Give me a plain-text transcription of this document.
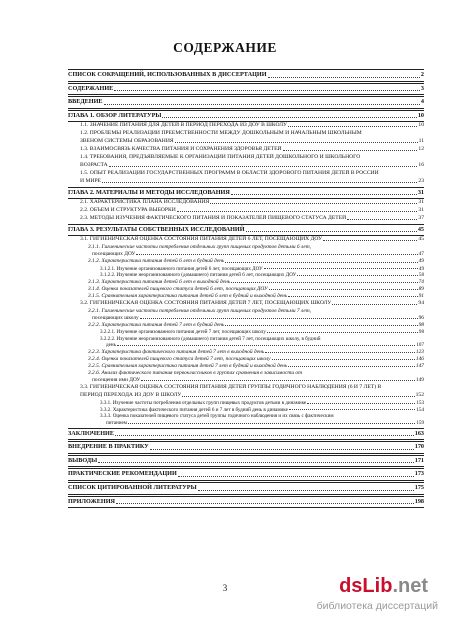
СОДЕРЖАНИЕ
СПИСОК СОКРАЩЕНИЙ, ИСПОЛЬЗОВАННЫХ В ДИССЕРТАЦИИ	2
СОДЕРЖАНИЕ	3
ВВЕДЕНИЕ	4
ГЛАВА 1. ОБЗОР ЛИТЕРАТУРЫ	10
1.1. ЗНАЧЕНИЕ ПИТАНИЯ ДЛЯ ДЕТЕЙ В ПЕРИОД ПЕРЕХОДА ИЗ ДОУ В ШКОЛУ	10
1.2. ПРОБЛЕМЫ РЕАЛИЗАЦИИ ПРЕЕМСТВЕННОСТИ МЕЖДУ ДОШКОЛЬНЫМ И НАЧАЛЬНЫМ ШКОЛЬНЫМ
ЗВЕНОМ СИСТЕМЫ ОБРАЗОВАНИЯ	11
1.3. ВЗАИМОСВЯЗЬ КАЧЕСТВА ПИТАНИЯ И СОХРАНЕНИЯ ЗДОРОВЬЯ ДЕТЕЙ	12
1.4. ТРЕБОВАНИЯ, ПРЕДЪЯВЛЯЕМЫЕ К ОРГАНИЗАЦИИ ПИТАНИЯ ДЕТЕЙ ДОШКОЛЬНОГО И ШКОЛЬНОГО
ВОЗРАСТА	16
1.5. ОПЫТ РЕАЛИЗАЦИИ ГОСУДАРСТВЕННЫХ ПРОГРАММ В ОБЛАСТИ ЗДОРОВОГО ПИТАНИЯ ДЕТЕЙ В РОССИИ
И МИРЕ	23
ГЛАВА 2. МАТЕРИАЛЫ И МЕТОДЫ ИССЛЕДОВАНИЯ	31
2.1. ХАРАКТЕРИСТИКА ПЛАНА ИССЛЕДОВАНИЯ	31
2.2. ОБЪЕМ И СТРУКТУРА ВЫБОРКИ	31
2.3. МЕТОДЫ ИЗУЧЕНИЯ ФАКТИЧЕСКОГО ПИТАНИЯ И ПОКАЗАТЕЛЕЙ ПИЩЕВОГО СТАТУСА ДЕТЕЙ	37
ГЛАВА 3. РЕЗУЛЬТАТЫ СОБСТВЕННЫХ ИССЛЕДОВАНИЙ	45
3.1. ГИГИЕНИЧЕСКАЯ ОЦЕНКА СОСТОЯНИЯ ПИТАНИЯ ДЕТЕЙ 6 ЛЕТ, ПОСЕЩАЮЩИХ ДОУ	45
3.1.1. Гигиенические частоты потребления отдельных групп пищевых продуктов детьми 6 лет,
посещающих ДОУ	47
3.1.2. Характеристика питания детей 6 лет в будний день	49
3.1.2.1. Изучение организованного питания детей 6 лет, посещающих ДОУ	49
3.1.2.2. Изучение неорганизованного (домашнего) питания детей 6 лет, посещающих ДОУ	58
3.1.3. Характеристика питания детей 6 лет в выходной день	74
3.1.4. Оценка показателей пищевого статуса детей 6 лет, посещающих ДОУ	89
3.1.5. Сравнительная характеристика питания детей 6 лет в будний и выходной день	91
3.2. ГИГИЕНИЧЕСКАЯ ОЦЕНКА СОСТОЯНИЯ ПИТАНИЯ ДЕТЕЙ 7 ЛЕТ, ПОСЕЩАЮЩИХ ШКОЛУ	94
3.2.1. Гигиенические частоты потребления отдельных групп пищевых продуктов детьми 7 лет,
посещающих школу	96
3.2.2. Характеристика питания детей 7 лет в будний день	98
3.2.2.1. Изучение организованного питания детей 7 лет, посещающих школу	98
3.2.2.2. Изучение неорганизованного (домашнего) питания детей 7 лет, посещающих школу, в будний
день	107
3.2.3. Характеристика фактического питания детей 7 лет в выходной день	123
3.2.4. Оценка показателей пищевого статуса детей 7 лет, посещающих школу	146
3.2.5. Сравнительная характеристика питания детей 7 лет в будний и выходной день	147
3.2.6. Анализ фактического питания первоклассников в группах сравнения в зависимости от
посещения ими ДОУ	149
3.3. ГИГИЕНИЧЕСКАЯ ОЦЕНКА СОСТОЯНИЯ ПИТАНИЯ ДЕТЕЙ ГРУППЫ ГОДИЧНОГО НАБЛЮДЕНИЯ (6 И 7 ЛЕТ) В
ПЕРИОД ПЕРЕХОДА ИЗ ДОУ В ШКОЛУ	152
3.3.1. Изучение частоты потребления отдельных групп пищевых продуктов детьми в динамике	153
3.3.2. Характеристика фактического питания детей 6 и 7 лет в будний день в динамике	154
3.3.3. Оценка показателей пищевого статуса детей группы годичного наблюдения и их связь с фактическим
питанием	159
ЗАКЛЮЧЕНИЕ	163
ВНЕДРЕНИЕ В ПРАКТИКУ	170
ВЫВОДЫ	171
ПРАКТИЧЕСКИЕ РЕКОМЕНДАЦИИ	173
СПИСОК ЦИТИРОВАННОЙ ЛИТЕРАТУРЫ	175
ПРИЛОЖЕНИЯ	198
3	dsLib.net
библиотека диссертаций
